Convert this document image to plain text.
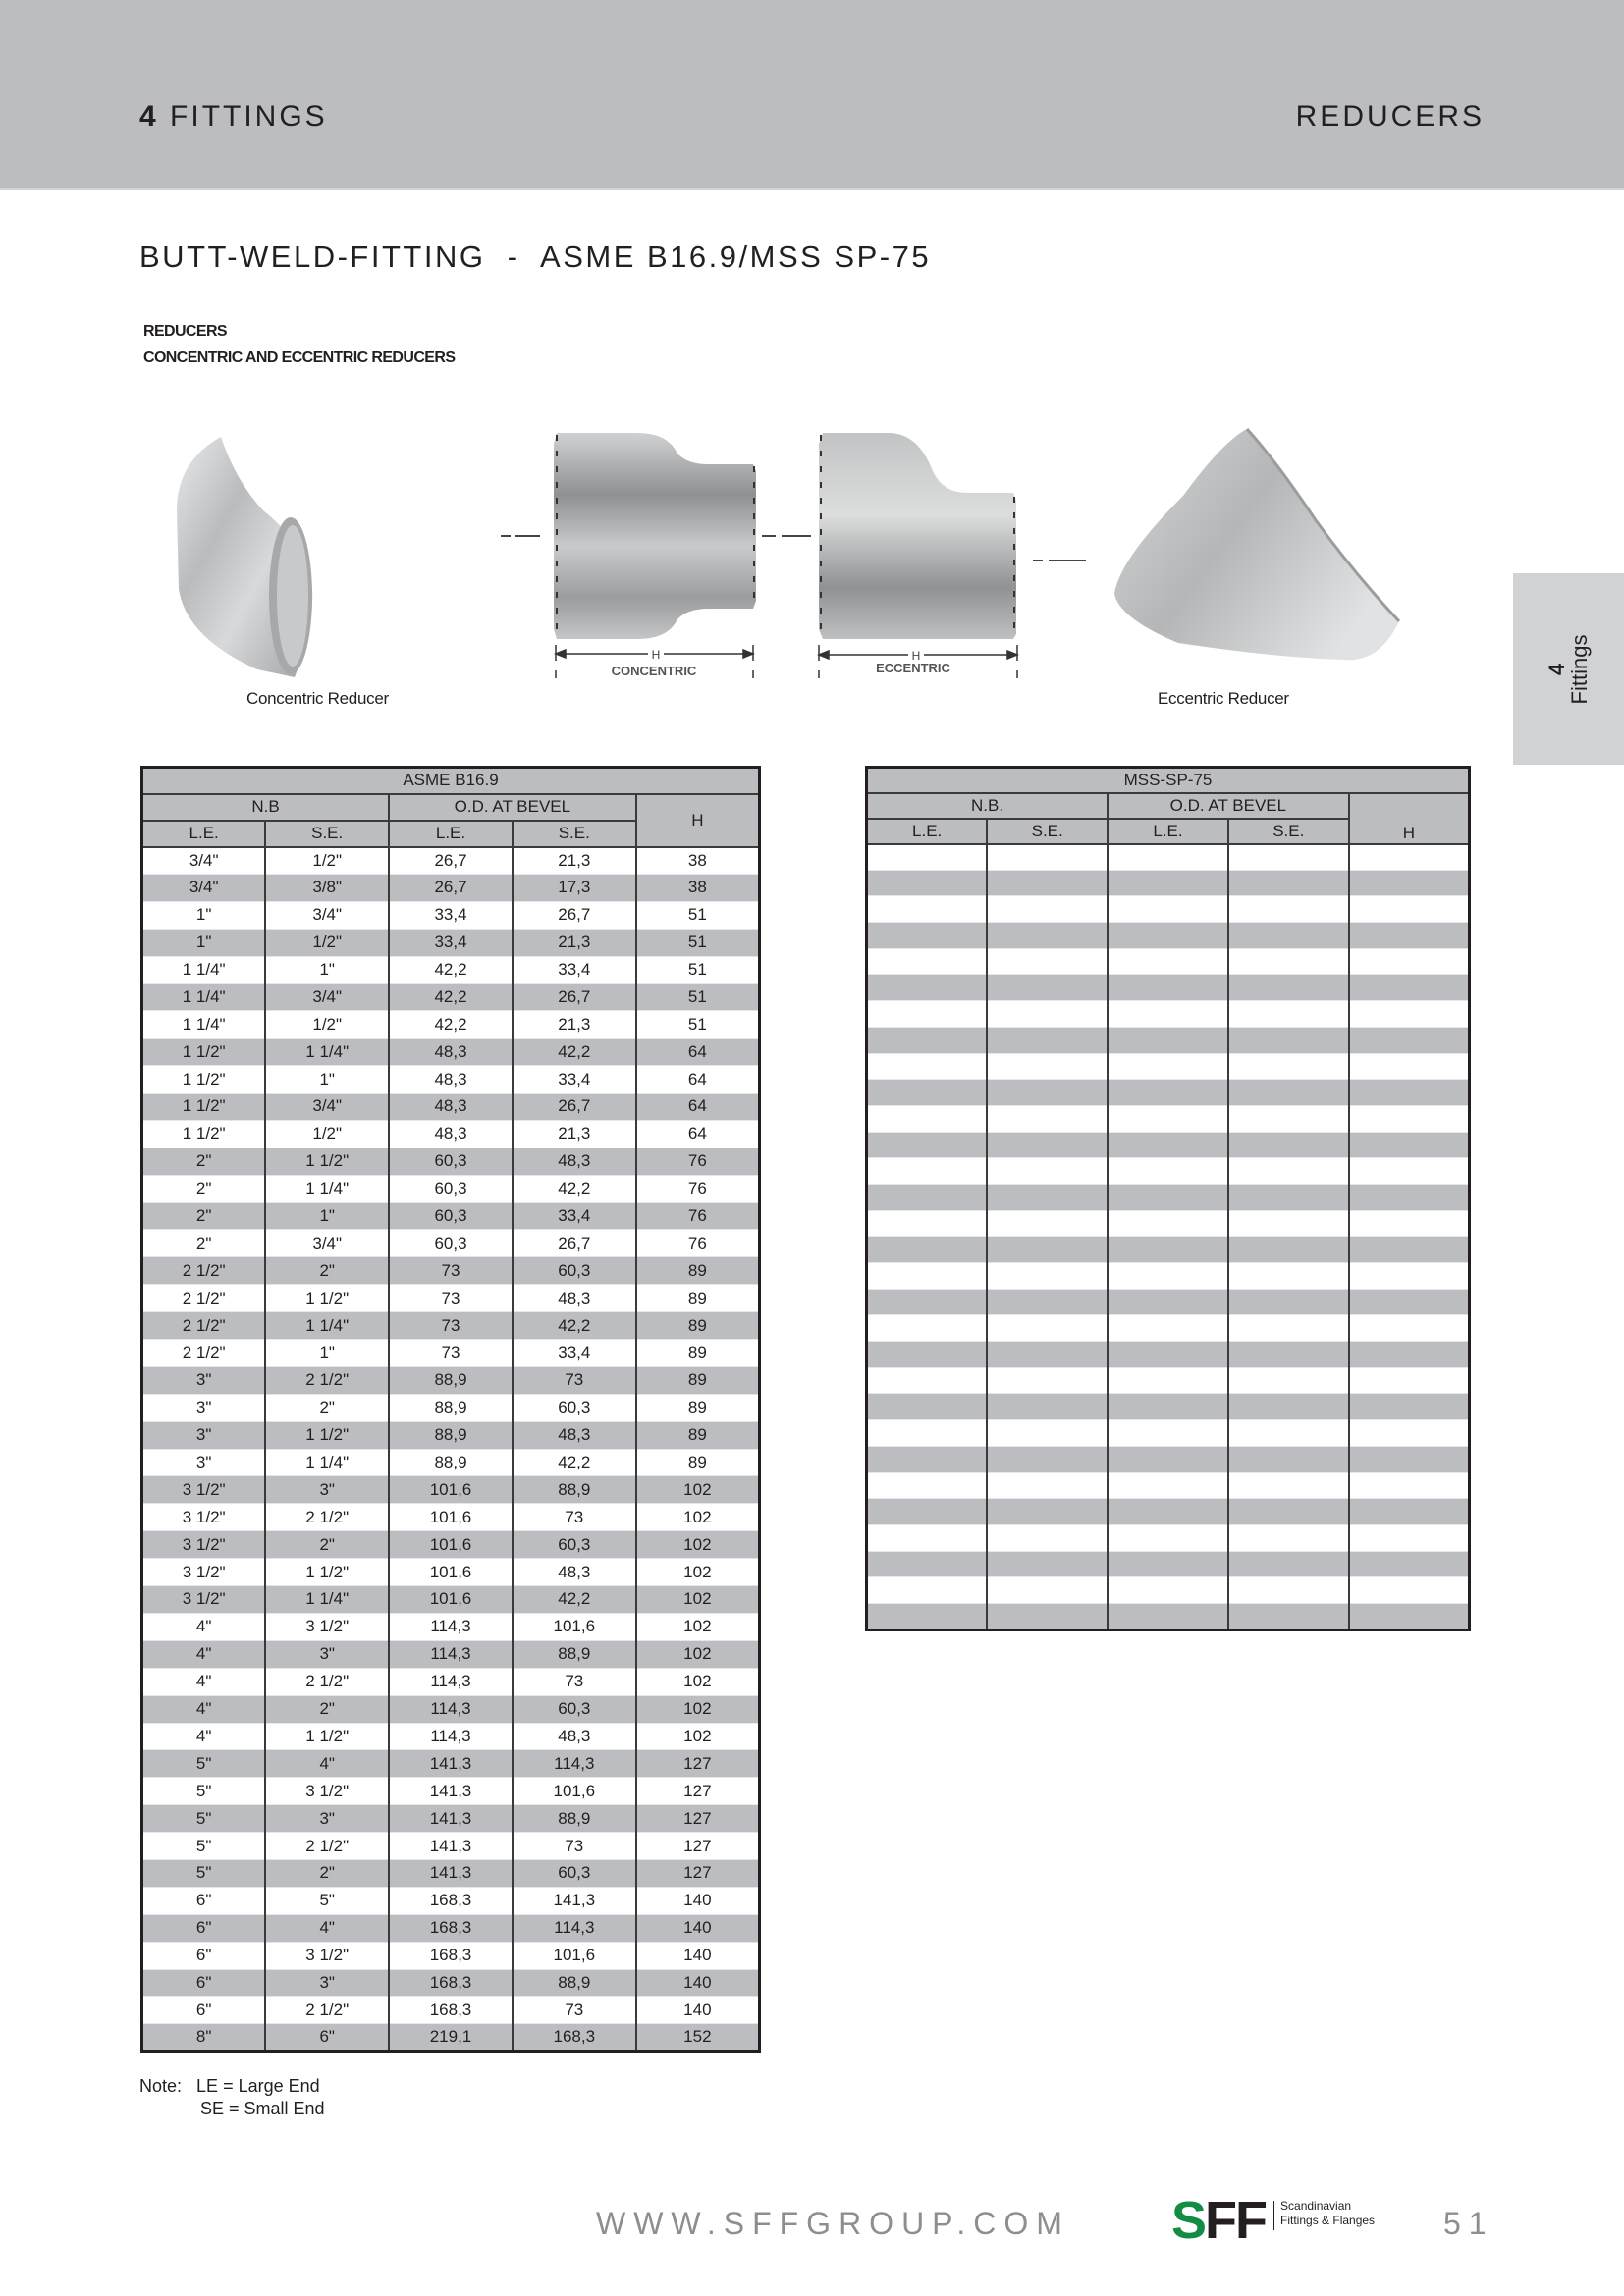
4 FITTINGS	REDUCERS
BUTT-WELD-FITTING  -  ASME B16.9/MSS SP-75
REDUCERS
CONCENTRIC AND ECCENTRIC REDUCERS
4
Fittings
H	H
CONCENTRIC	ECCENTRIC
Concentric Reducer	Eccentric Reducer
ASME B16.9				
N.B		O.D. AT BEVEL		H
L.E.	S.E.	L.E.	S.E.	
3/4"	1/2"	26,7	21,3	38
3/4"	3/8"	26,7	17,3	38
1"	3/4"	33,4	26,7	51
1"	1/2"	33,4	21,3	51
1 1/4"	1"	42,2	33,4	51
1 1/4"	3/4"	42,2	26,7	51
1 1/4"	1/2"	42,2	21,3	51
1 1/2"	1 1/4"	48,3	42,2	64
1 1/2"	1"	48,3	33,4	64
1 1/2"	3/4"	48,3	26,7	64
1 1/2"	1/2"	48,3	21,3	64
2"	1 1/2"	60,3	48,3	76
2"	1 1/4"	60,3	42,2	76
2"	1"	60,3	33,4	76
2"	3/4"	60,3	26,7	76
2 1/2"	2"	73	60,3	89
2 1/2"	1 1/2"	73	48,3	89
2 1/2"	1 1/4"	73	42,2	89
2 1/2"	1"	73	33,4	89
3"	2 1/2"	88,9	73	89
3"	2"	88,9	60,3	89
3"	1 1/2"	88,9	48,3	89
3"	1 1/4"	88,9	42,2	89
3 1/2"	3"	101,6	88,9	102
3 1/2"	2 1/2"	101,6	73	102
3 1/2"	2"	101,6	60,3	102
3 1/2"	1 1/2"	101,6	48,3	102
3 1/2"	1 1/4"	101,6	42,2	102
4"	3 1/2"	114,3	101,6	102
4"	3"	114,3	88,9	102
4"	2 1/2"	114,3	73	102
4"	2"	114,3	60,3	102
4"	1 1/2"	114,3	48,3	102
5"	4"	141,3	114,3	127
5"	3 1/2"	141,3	101,6	127
5"	3"	141,3	88,9	127
5"	2 1/2"	141,3	73	127
5"	2"	141,3	60,3	127
6"	5"	168,3	141,3	140
6"	4"	168,3	114,3	140
6"	3 1/2"	168,3	101,6	140
6"	3"	168,3	88,9	140
6"	2 1/2"	168,3	73	140
8"	6"	219,1	168,3	152
MSS-SP-75				
N.B.		O.D. AT BEVEL		H
L.E.	S.E.	L.E.	S.E.	

Note: LE = Large End
SE = Small End
WWW.SFFGROUP.COM S FF Scandinavian
Fittings & Flanges 51
